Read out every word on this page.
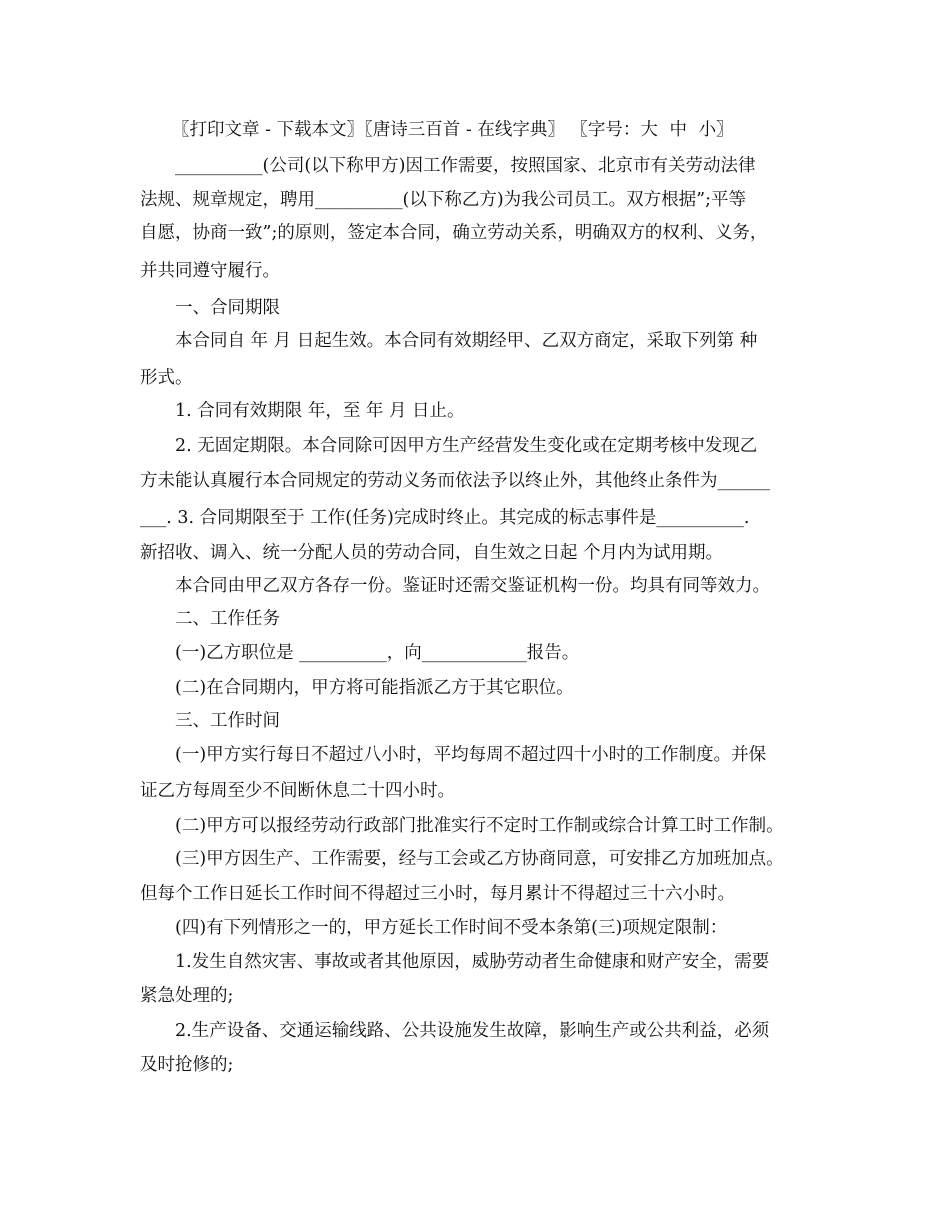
〖打印文章 - 下载本文〗〖唐诗三百首 - 在线字典〗 〖字号：大 中 小〗
__________(公司(以下称甲方)因工作需要，按照国家、北京市有关劳动法律
法规、规章规定，聘用__________(以下称乙方)为我公司员工。双方根据”;平等
自愿，协商一致”;的原则，签定本合同，确立劳动关系，明确双方的权利、义务，
并共同遵守履行。
一、合同期限
本合同自 年 月 日起生效。本合同有效期经甲、乙双方商定，采取下列第 种
形式。
1. 合同有效期限 年，至 年 月 日止。
2. 无固定期限。本合同除可因甲方生产经营发生变化或在定期考核中发现乙
方未能认真履行本合同规定的劳动义务而依法予以终止外，其他终止条件为______
___. 3. 合同期限至于 工作(任务)完成时终止。其完成的标志事件是__________.
新招收、调入、统一分配人员的劳动合同，自生效之日起 个月内为试用期。
本合同由甲乙双方各存一份。鉴证时还需交鉴证机构一份。均具有同等效力。
二、工作任务
(一)乙方职位是 __________，向____________报告。
(二)在合同期内，甲方将可能指派乙方于其它职位。
三、工作时间
(一)甲方实行每日不超过八小时，平均每周不超过四十小时的工作制度。并保
证乙方每周至少不间断休息二十四小时。
(二)甲方可以报经劳动行政部门批准实行不定时工作制或综合计算工时工作制。
(三)甲方因生产、工作需要，经与工会或乙方协商同意，可安排乙方加班加点。
但每个工作日延长工作时间不得超过三小时，每月累计不得超过三十六小时。
(四)有下列情形之一的，甲方延长工作时间不受本条第(三)项规定限制：
1.发生自然灾害、事故或者其他原因，威胁劳动者生命健康和财产安全，需要
紧急处理的;
2.生产设备、交通运输线路、公共设施发生故障，影响生产或公共利益，必须
及时抢修的;
